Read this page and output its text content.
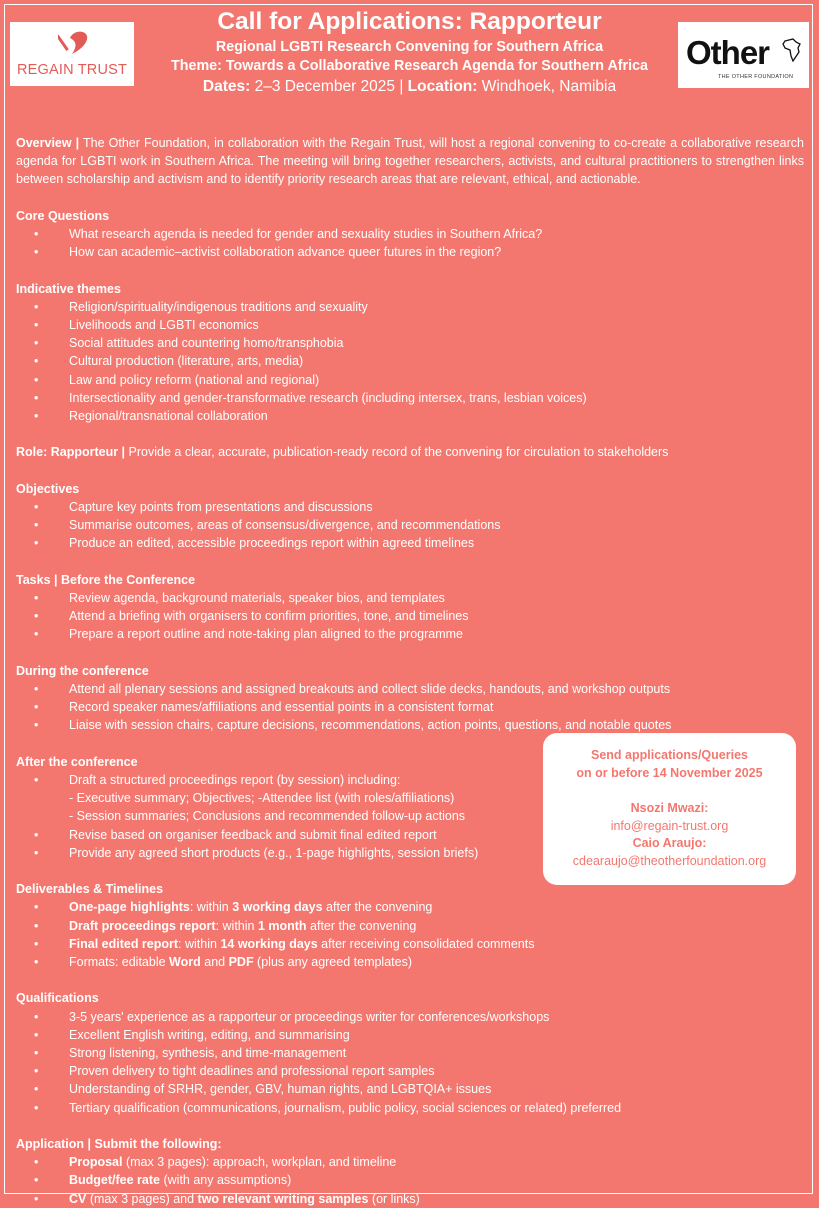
REGAIN TRUST	Other
THE OTHER FOUNDATION

Call for Applications: Rapporteur

Regional LGBTI Research Convening for Southern Africa

Theme: Towards a Collaborative Research Agenda for Southern Africa

Dates: 2–3 December 2025 | Location: Windhoek, Namibia

Overview | The Other Foundation, in collaboration with the Regain Trust, will host a regional convening to co-create a collaborative research agenda for LGBTI work in Southern Africa. The meeting will bring together researchers, activists, and cultural practitioners to strengthen links between scholarship and activism and to identify priority research areas that are relevant, ethical, and actionable.

Core Questions

• What research agenda is needed for gender and sexuality studies in Southern Africa?
• How can academic–activist collaboration advance queer futures in the region?

Indicative themes

• Religion/spirituality/indigenous traditions and sexuality
• Livelihoods and LGBTI economics
• Social attitudes and countering homo/transphobia
• Cultural production (literature, arts, media)
• Law and policy reform (national and regional)
• Intersectionality and gender-transformative research (including intersex, trans, lesbian voices)
• Regional/transnational collaboration

Role: Rapporteur | Provide a clear, accurate, publication-ready record of the convening for circulation to stakeholders

Objectives

• Capture key points from presentations and discussions
• Summarise outcomes, areas of consensus/divergence, and recommendations
• Produce an edited, accessible proceedings report within agreed timelines

Tasks | Before the Conference

• Review agenda, background materials, speaker bios, and templates
• Attend a briefing with organisers to confirm priorities, tone, and timelines
• Prepare a report outline and note-taking plan aligned to the programme

During the conference

• Attend all plenary sessions and assigned breakouts and collect slide decks, handouts, and workshop outputs
• Record speaker names/affiliations and essential points in a consistent format
• Liaise with session chairs, capture decisions, recommendations, action points, questions, and notable quotes

After the conference

• Draft a structured proceedings report (by session) including:
- Executive summary; Objectives; -Attendee list (with roles/affiliations)
- Session summaries; Conclusions and recommended follow-up actions
• Revise based on organiser feedback and submit final edited report
• Provide any agreed short products (e.g., 1-page highlights, session briefs)

Deliverables & Timelines

• One-page highlights: within 3 working days after the convening
• Draft proceedings report: within 1 month after the convening
• Final edited report: within 14 working days after receiving consolidated comments
• Formats: editable Word and PDF (plus any agreed templates)

Qualifications

• 3-5 years' experience as a rapporteur or proceedings writer for conferences/workshops
• Excellent English writing, editing, and summarising
• Strong listening, synthesis, and time-management
• Proven delivery to tight deadlines and professional report samples
• Understanding of SRHR, gender, GBV, human rights, and LGBTQIA+ issues
• Tertiary qualification (communications, journalism, public policy, social sciences or related) preferred

Application | Submit the following:

• Proposal (max 3 pages): approach, workplan, and timeline
• Budget/fee rate (with any assumptions)
• CV (max 3 pages) and two relevant writing samples (or links)
Send applications/Queries
on or before 14 November 2025
Nsozi Mwazi:
info@regain-trust.org
Caio Araujo:
cdearaujo@theotherfoundation.org
